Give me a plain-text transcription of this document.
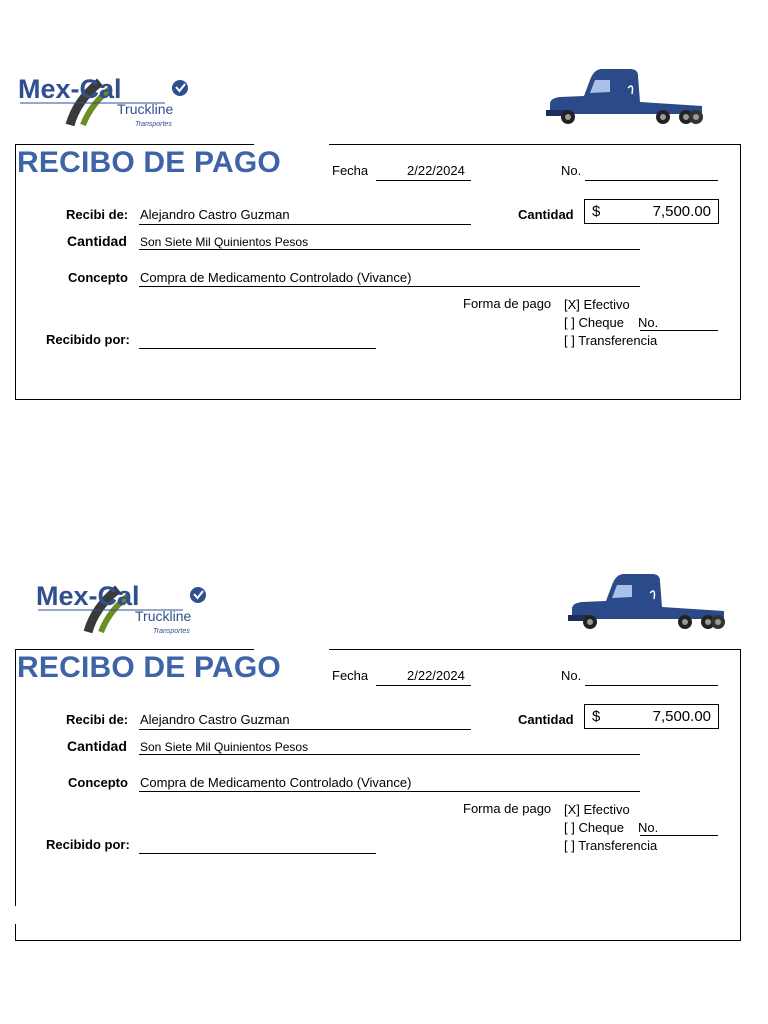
Mex-Cal
Truckline
Transportes
RECIBO DE PAGO	Fecha	2/22/2024	No.
Recibi de: Alejandro Castro Guzman	Cantidad $	7,500.00
Cantidad Son Siete Mil Quinientos Pesos
Concepto Compra de Medicamento Controlado (Vivance)
Forma de pago [X] Efectivo
[ ] Cheque No.
[ ] Transferencia
Recibido por:
Mex-Cal
Truckline
Transportes
RECIBO DE PAGO	Fecha	2/22/2024	No.
Recibi de: Alejandro Castro Guzman	Cantidad $	7,500.00
Cantidad Son Siete Mil Quinientos Pesos
Concepto Compra de Medicamento Controlado (Vivance)
Forma de pago [X] Efectivo
[ ] Cheque No.
[ ] Transferencia
Recibido por:
